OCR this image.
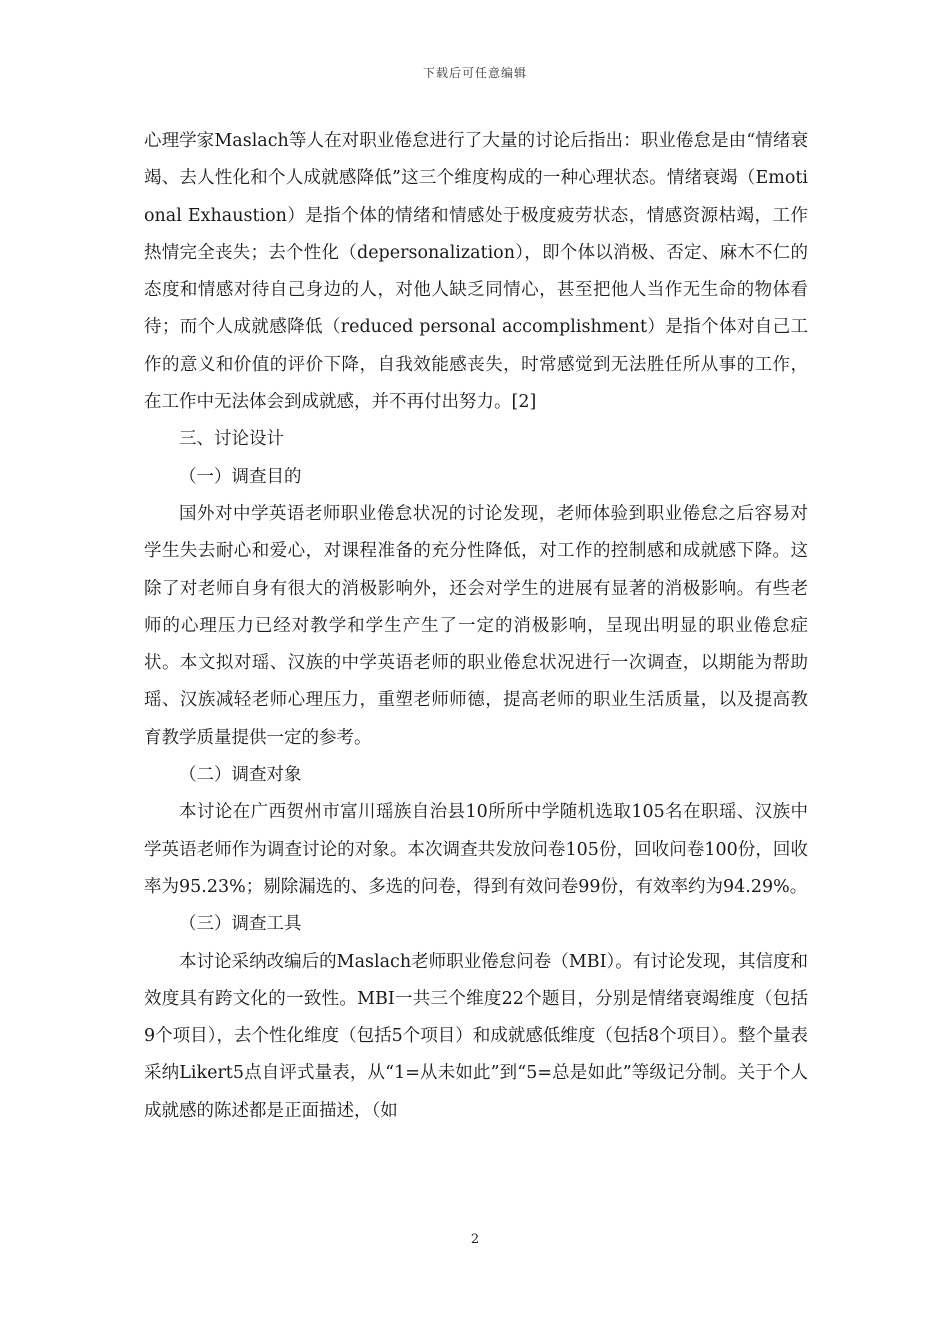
下载后可任意编辑

心理学家Maslach等人在对职业倦怠进行了大量的讨论后指出：职业倦怠是由“情绪衰竭、去人性化和个人成就感降低”这三个维度构成的一种心理状态。情绪衰竭（Emotional Exhaustion）是指个体的情绪和情感处于极度疲劳状态，情感资源枯竭，工作热情完全丧失；去个性化（depersonalization），即个体以消极、否定、麻木不仁的态度和情感对待自己身边的人，对他人缺乏同情心，甚至把他人当作无生命的物体看待；而个人成就感降低（reduced personal accomplishment）是指个体对自己工作的意义和价值的评价下降，自我效能感丧失，时常感觉到无法胜任所从事的工作，在工作中无法体会到成就感，并不再付出努力。[2]

三、讨论设计

（一）调查目的

国外对中学英语老师职业倦怠状况的讨论发现，老师体验到职业倦怠之后容易对学生失去耐心和爱心，对课程准备的充分性降低，对工作的控制感和成就感下降。这除了对老师自身有很大的消极影响外，还会对学生的进展有显著的消极影响。有些老师的心理压力已经对教学和学生产生了一定的消极影响，呈现出明显的职业倦怠症状。本文拟对瑶、汉族的中学英语老师的职业倦怠状况进行一次调查，以期能为帮助瑶、汉族减轻老师心理压力，重塑老师师德，提高老师的职业生活质量，以及提高教育教学质量提供一定的参考。

（二）调查对象

本讨论在广西贺州市富川瑶族自治县10所所中学随机选取105名在职瑶、汉族中学英语老师作为调查讨论的对象。本次调查共发放问卷105份，回收问卷100份，回收率为95.23%；剔除漏选的、多选的问卷，得到有效问卷99份，有效率约为94.29%。

（三）调查工具

本讨论采纳改编后的Maslach老师职业倦怠问卷（MBI）。有讨论发现，其信度和效度具有跨文化的一致性。MBI一共三个维度22个题目，分别是情绪衰竭维度（包括9个项目），去个性化维度（包括5个项目）和成就感低维度（包括8个项目）。整个量表采纳Likert5点自评式量表，从“1=从未如此”到“5=总是如此”等级记分制。关于个人成就感的陈述都是正面描述，（如

2
